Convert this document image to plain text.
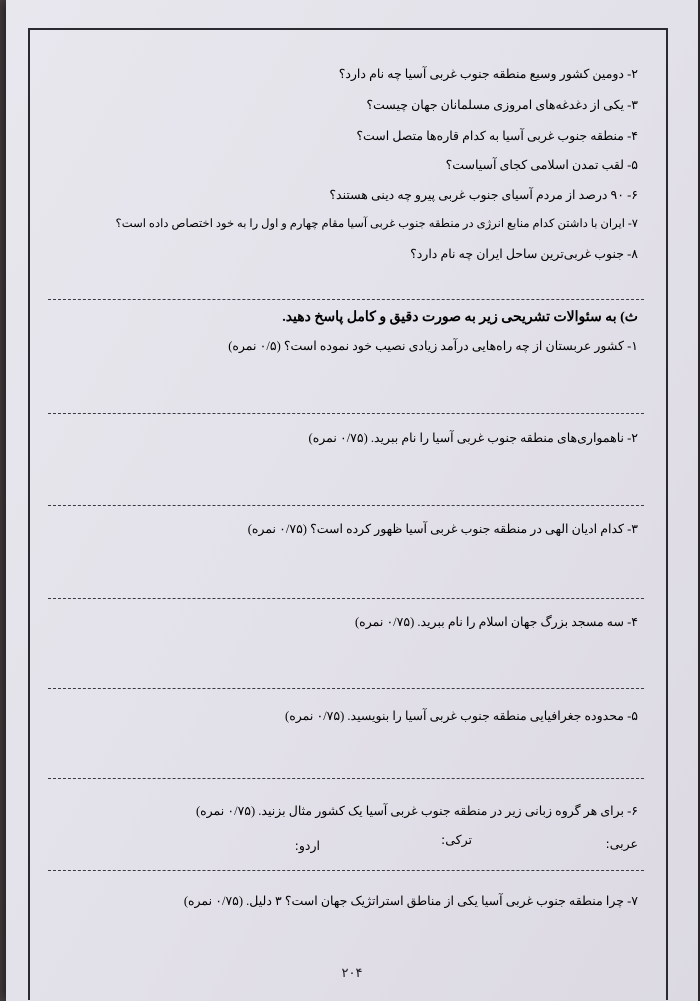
۲- دومین کشور وسیع منطقه جنوب غربی آسیا چه نام دارد؟

۳- یکی از دغدغه‌های امروزی مسلمانان جهان چیست؟

۴- منطقه جنوب غربی آسیا به کدام قاره‌ها متصل است؟

۵- لقب تمدن اسلامی کجای آسیاست؟

۶- ۹۰ درصد از مردم آسیای جنوب غربی پیرو چه دینی هستند؟

۷- ایران با داشتن کدام منابع انرژی در منطقه جنوب غربی آسیا مقام چهارم و اول را به خود اختصاص داده است؟

۸- جنوب غربی‌ترین ساحل ایران چه نام دارد؟

ث) به سئوالات تشریحی زیر به صورت دقیق و کامل پاسخ دهید.

۱- کشور عربستان از چه راه‌هایی درآمد زیادی نصیب خود نموده است؟ (۰/۵ نمره)

۲- ناهمواری‌های منطقه جنوب غربی آسیا را نام ببرید. (۰/۷۵ نمره)

۳- کدام ادیان الهی در منطقه جنوب غربی آسیا ظهور کرده است؟ (۰/۷۵ نمره)

۴- سه مسجد بزرگ جهان اسلام را نام ببرید. (۰/۷۵ نمره)

۵- محدوده جغرافیایی منطقه جنوب غربی آسیا را بنویسید. (۰/۷۵ نمره)

۶- برای هر گروه زبانی زیر در منطقه جنوب غربی آسیا یک کشور مثال بزنید. (۰/۷۵ نمره)

عربی:
ترکی:
اردو:

۷- چرا منطقه جنوب غربی آسیا یکی از مناطق استراتژیک جهان است؟ ۳ دلیل. (۰/۷۵ نمره)

۲۰۴
